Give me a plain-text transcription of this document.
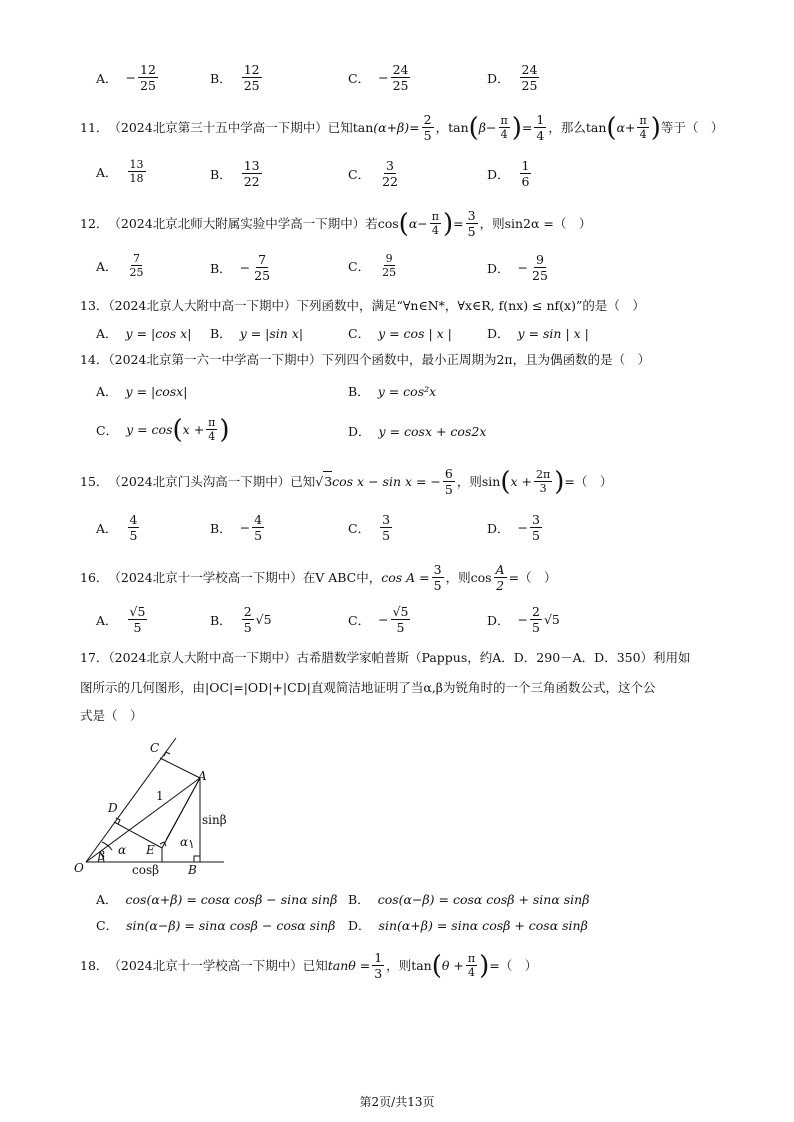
A． − $\frac{12}{25}$	B． $\frac{12}{25}$	C． − $\frac{24}{25}$	D． $\frac{24}{25}$
11． （2024北京第三十五中学高一下期中）已知 $\tan (\alpha+\beta) = \frac{2}{5}$ ， tan ( $\beta- \frac{\pi}{4}$ ) = $\frac{1}{4}$ ，那么 tan ( $\alpha+ \frac{\pi}{4}$ ) 等于（　）
A． $\frac{13}{18}$	B． $\frac{13}{22}$	C． $\frac{3}{22}$	D． $\frac{1}{6}$
12． （2024北京北师大附属实验中学高一下期中）若 cos ( $\alpha- \frac{\pi}{4}$ ) = $\frac{3}{5}$ ，则 sin2α =（　）
A． $\frac{7}{25}$	B． − $\frac{7}{25}$	C． $\frac{9}{25}$	D． − $\frac{9}{25}$
13．（2024北京人大附中高一下期中）下列函数中，满足“∀n∈N*，∀x∈R, f(nx) ≤ nf(x)”的是（　）
A． y = |cos x| B． y = |sin x|	C． y = cos | x |	D． y = sin | x |
14．（2024北京第一六一中学高一下期中）下列四个函数中，最小正周期为2π，且为偶函数的是（　）
A． y = |cosx|	B． y = cos²x
C． y = cos ( $x + \frac{\pi}{4}$ )	D． y = cosx + cos2x
15． （2024北京门头沟高一下期中）已知 √ 3 cos x − sin x = − $\frac{6}{5}$ ，则 sin ( $x + \frac{2\pi}{3}$ ) =（　）
A． $\frac{4}{5}$	B． − $\frac{4}{5}$	C． $\frac{3}{5}$	D． − $\frac{3}{5}$
16． （2024北京十一学校高一下期中）在V ABC中， $\cos A = \frac{3}{5}$ ，则$\cos \frac{A}{2}$ =（　）
A． $\frac{√5}{5}$	B． $\frac{2}{5} √5$	C． − $\frac{√5}{5}$	D． − $\frac{2}{5} √5$
17．（2024北京人大附中高一下期中）古希腊数学家帕普斯（Pappus，约A．D．290－A．D．350）利用如
图所示的几何图形，由|OC|=|OD|+|CD|直观简洁地证明了当α,β为锐角时的一个三角函数公式，这个公
式是（　）
C
A
D
1
sinβ
E
α
α
β
O	cosβ B
A． cos(α+β) = cosα cosβ − sinα sinβ B． cos(α−β) = cosα cosβ + sinα sinβ
C． sin(α−β) = sinα cosβ − cosα sinβ D． sin(α+β) = sinα cosβ + cosα sinβ
18． （2024北京十一学校高一下期中）已知 $\tan\theta = \frac{1}{3}$ ，则 tan ( $\theta + \frac{\pi}{4}$ ) =（　）
第2页/共13页
